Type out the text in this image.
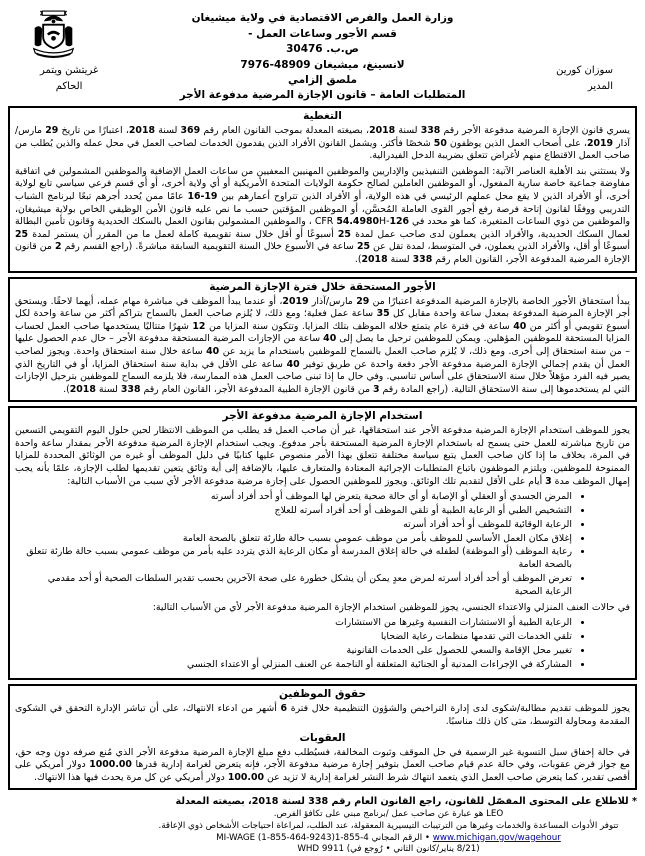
وزارة العمل والفرص الاقتصادية في ولاية ميشيغان
قسم الأجور وساعات العمل -
ص.ب. 30476
لانسينغ، ميشيغان 48909-7976
ملصق إلزامي
المتطلبات العامة – قانون الإجازة المرضية مدفوعة الأجر
سوزان كورين
المدير
غريتشن ويتمر
الحاكم
التغطية

يسري قانون الإجازة المرضية مدفوعة الأجر رقم 338 لسنة 2018، بصيغته المعدلة بموجب القانون العام رقم 369 لسنة 2018، اعتبارًا من تاريخ 29 مارس/آذار 2019، على أصحاب العمل الذين يوظفون 50 شخصًا فأكثر. ويشمل القانون الأفراد الذين يقدمون الخدمات لصاحب العمل في محل عمله والذين يُطلب من صاحب العمل الاقتطاع منهم لأغراض تتعلق بضريبة الدخل الفيدرالية.

ولا يستثني بند الأهلية العناصر الآتية: الموظفين التنفيذيين والإداريين والموظفين المهنيين المعفيين من ساعات العمل الإضافية والموظفين المشمولين في اتفاقية مفاوضة جماعية خاصة سارية المفعول، أو الموظفين العاملين لصالح حكومة الولايات المتحدة الأمريكية أو أي ولاية أخرى، أو أي قسم فرعي سياسي تابع لولاية أخرى، أو الأفراد الذين لا يقع محل عملهم الرئيسي في هذه الولاية، أو الأفراد الذين تتراوح أعمارهم بين 19-16 عامًا ممن يُحدد أجرهم تبعًا لبرنامج الشباب التدريبي ووفقًا لقانون إتاحة فرصة رفع أجور القوى العاملة المُحسَّن، أو الموظفين المؤقتين حسب ما نص عليه قانون الأمن الوظيفي الخاص بولاية ميشيغان، والموظفين من ذوي الساعات المتغيرة، كما هو محدد في CFR 54.4980H-126 ، والموظفين المشمولين بقانون العمل بالسكك الحديدية وقانون تأمين البطالة لعمال السكك الحديدية، والأفراد الذين يعملون لدى صاحب عمل لمدة 25 أسبوعًا أو أقل خلال سنة تقويمية كاملة لعمل ما من المقرر أن يستمر لمدة 25 أسبوعًا أو أقل، والأفراد الذين يعملون، في المتوسط، لمدة تقل عن 25 ساعة في الأسبوع خلال السنة التقويمية السابقة مباشرةً. (راجع القسم رقم 2 من قانون الإجازة المرضية المدفوعة الأجر، القانون العام رقم 338 لسنة 2018).

الأجور المستحقة خلال فترة الإجازة المرضية

يبدأ استحقاق الأجور الخاصة بالإجازة المرضية المدفوعة اعتبارًا من 29 مارس/آذار 2019، أو عندما يبدأ الموظف في مباشرة مهام عمله، أيهما لاحقًا. ويستحق أجر الإجازة المرضية المدفوعة بمعدل ساعة واحدة مقابل كل 35 ساعة عمل فعلية؛ ومع ذلك، لا يُلزم صاحب العمل بالسماح بتراكم أكثر من ساعة واحدة لكل أسبوع تقويمي أو أكثر من 40 ساعة في فترة عام يتمتع خلاله الموظف بتلك المزايا. وتتكون سنة المزايا من 12 شهرًا متتاليًا يستخدمها صاحب العمل لحساب المزايا المستحقة للموظفين المؤهلين. ويمكن للموظفين ترحيل ما يصل إلى 40 ساعة من الإجازات المرضية المستحقة مدفوعة الأجر – حال عدم الحصول عليها – من سنة استحقاق إلى أخرى. ومع ذلك، لا يُلزم صاحب العمل بالسماح للموظفين باستخدام ما يزيد عن 40 ساعة خلال سنة استحقاق واحدة. ويجوز لصاحب العمل أن يقدم إجمالي الإجازة المرضية مدفوعة الأجر دفعة واحدة عن طريق توفير 40 ساعة على الأقل في بداية سنة استحقاق المزايا، أو في التاريخ الذي يصير فيه الفرد مؤهلاً خلال سنة الاستحقاق على أساس تناسبي. وفي حال ما إذا تبنى صاحب العمل هذه الممارسة، فلا يلزمه السماح للموظفين بترحيل الإجازات التي لم يستخدموها إلى سنة الاستحقاق التالية. (راجع المادة رقم 3 من قانون الإجازة الطبية المدفوعة الأجر، القانون العام رقم 338 لسنة 2018).

استخدام الإجازة المرضية مدفوعة الأجر

يجوز للموظف استخدام الإجازة المرضية مدفوعة الأجر عند استحقاقها، غير أن صاحب العمل قد يطلب من الموظف الانتظار لحين حلول اليوم التقويمي التسعين من تاريخ مباشرته للعمل حتى يسمح له باستخدام الإجازة المرضية المستحقة بأجر مدفوع. ويجب استخدام الإجازة المرضية مدفوعة الأجر بمقدار ساعة واحدة في المرة، بخلاف ما إذا كان صاحب العمل يتبع سياسة مختلفة تتعلق بهذا الأمر منصوص عليها كتابيًا في دليل الموظف أو غيره من الوثائق المحددة للمزايا الممنوحة للموظفين. ويلتزم الموظفون باتباع المتطلبات الإجرائية المعتادة والمتعارف عليها، بالإضافة إلى أية وثائق يتعين تقديمها لطلب الإجازة، علمًا بأنه يجب إمهال الموظف مدة 3 أيام على الأقل لتقديم تلك الوثائق. ويجوز للموظفين الحصول على إجازة مرضية مدفوعة الأجر لأي سبب من الأسباب التالية:

• المرض الجسدي أو العقلي أو الإصابة أو أي حالة صحية يتعرض لها الموظف أو أحد أفراد أسرته
• التشخيص الطبي أو الرعاية الطبية أو تلقي الموظف أو أحد أفراد أسرته للعلاج
• الرعاية الوقائية للموظف أو أحد أفراد أسرته
• إغلاق مكان العمل الأساسي للموظف بأمر من موظف عمومي بسبب حالة طارئة تتعلق بالصحة العامة
• رعاية الموظف (أو الموظفة) لطفله في حالة إغلاق المدرسة أو مكان الرعاية الذي يتردد عليه بأمر من موظف عمومي بسبب حالة طارئة تتعلق بالصحة العامة
• تعرض الموظف أو أحد أفراد أسرته لمرض معدٍ يمكن أن يشكل خطورة على صحة الآخرين بحسب تقدير السلطات الصحية أو أحد مقدمي الرعاية الصحية

في حالات العنف المنزلي والاعتداء الجنسي، يجوز للموظفين استخدام الإجازة المرضية مدفوعة الأجر لأي من الأسباب التالية:

• الرعاية الطبية أو الاستشارات النفسية وغيرها من الاستشارات
• تلقي الخدمات التي تقدمها منظمات رعاية الضحايا
• تغيير محل الإقامة والسعي للحصول على الخدمات القانونية
• المشاركة في الإجراءات المدنية أو الجنائية المتعلقة أو الناجمة عن العنف المنزلي أو الاعتداء الجنسي
حقوق الموظفين

يجوز للموظف تقديم مطالبة/شكوى لدى إدارة التراخيص والشؤون التنظيمية خلال فترة 6 أشهر من ادعاء الانتهاك، على أن تباشر الإدارة التحقق في الشكوى المقدمة ومحاولة التوسط، متى كان ذلك مناسبًا.

العقوبات

في حالة إخفاق سبل التسوية غير الرسمية في حل الموقف وثبوت المخالفة، فسيُطلب دفع مبلغ الإجازة المرضية مدفوعة الأجر الذي مُنع صرفه دون وجه حق، مع جواز فرض عقوبات، وفي حالة عدم قيام صاحب العمل بتوفير إجازة مرضية مدفوعة الأجر، فإنه يتعرض لغرامة إدارية قدرها 1000.00 دولار أمريكي على أقصى تقدير، كما يتعرض صاحب العمل الذي يتعمد انتهاك شرط النشر لغرامة إدارية لا تزيد عن 100.00 دولار أمريكي عن كل مرة يحدث فيها هذا الانتهاك.

* للاطلاع على المحتوى المفصّل للقانون، راجع القانون العام رقم 338 لسنة 2018، بصيغته المعدلة
LEO هو عبارة عن صاحب عمل /برنامج مبني على تكافؤ الفرص.
تتوفر الأدوات المساعدة والخدمات وغيرها من الترتيبات التيسيرية المعقولة، عند الطلب، لمراعاة احتياجات الأشخاص ذوي الإعاقة.
MI-WAGE (1-855-464-9243)1-855-4 الرقم المجاني • www.michigan.gov/wagehour
WHD 9911 (رُوجع في • يناير/كانون الثاني 8/21)
